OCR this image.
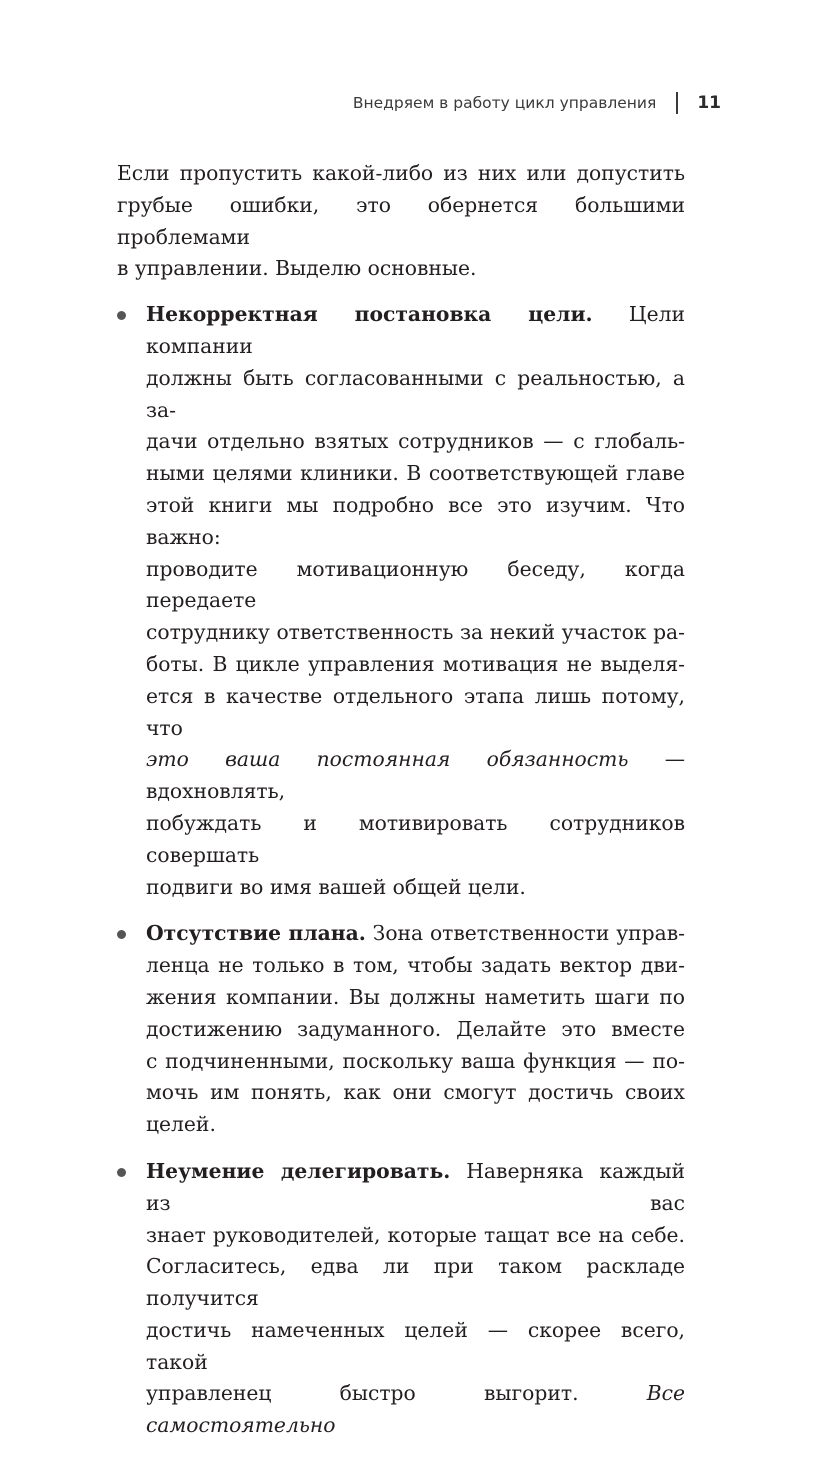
Внедряем в работу цикл управления 11

Если пропустить какой-либо из них или допустить
грубые ошибки, это обернется большими проблемами
в управлении. Выделю основные.

Некорректная постановка цели. Цели компании
должны быть согласованными с реальностью, а за-
дачи отдельно взятых сотрудников — с глобаль-
ными целями клиники. В соответствующей главе
этой книги мы подробно все это изучим. Что важно:
проводите мотивационную беседу, когда передаете
сотруднику ответственность за некий участок ра-
боты. В цикле управления мотивация не выделя-
ется в качестве отдельного этапа лишь потому, что
это ваша постоянная обязанность — вдохновлять,
побуждать и мотивировать сотрудников совершать
подвиги во имя вашей общей цели.
Отсутствие плана. Зона ответственности управ-
ленца не только в том, чтобы задать вектор дви-
жения компании. Вы должны наметить шаги по
достижению задуманного. Делайте это вместе
с подчиненными, поскольку ваша функция — по-
мочь им понять, как они смогут достичь своих
целей.
Неумение делегировать. Наверняка каждый из вас
знает руководителей, которые тащат все на себе.
Согласитесь, едва ли при таком раскладе получится
достичь намеченных целей — скорее всего, такой
управленец быстро выгорит. Все самостоятельно
